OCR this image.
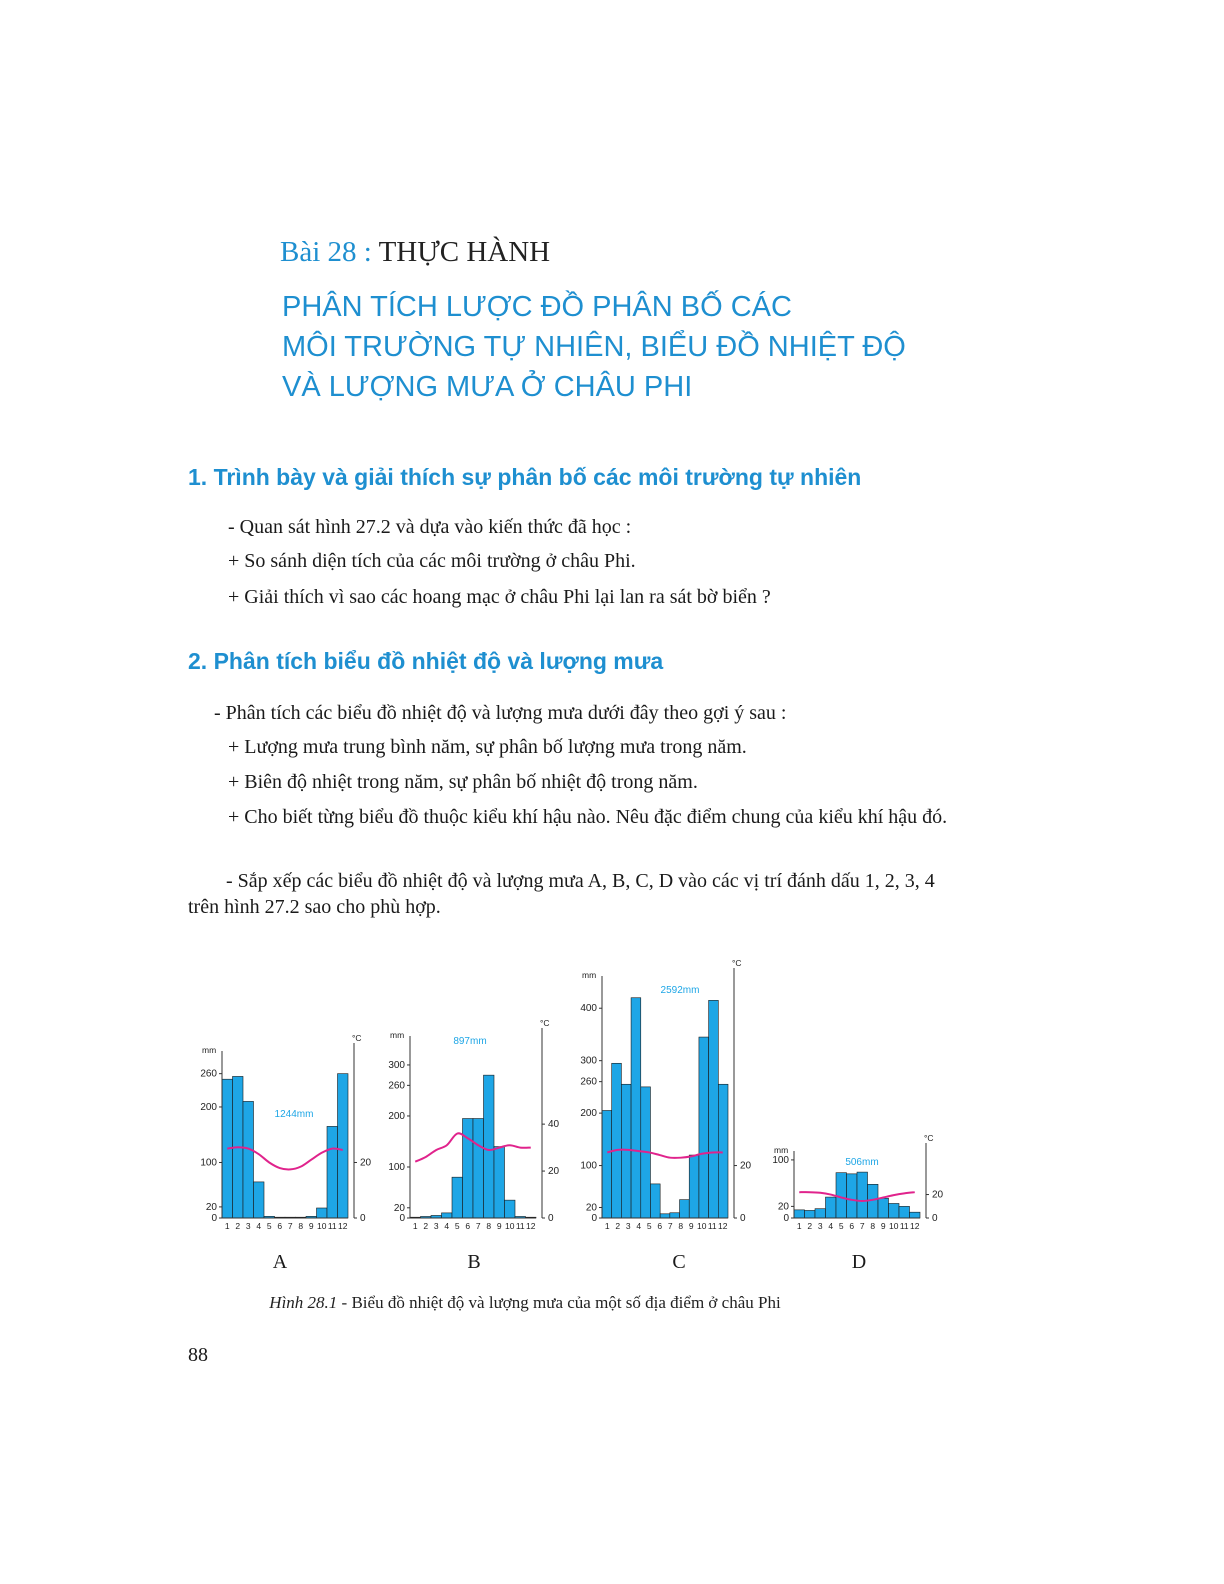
Bài 28 : THỰC HÀNH
PHÂN TÍCH LƯỢC ĐỒ PHÂN BỐ CÁC
MÔI TRƯỜNG TỰ NHIÊN, BIỂU ĐỒ NHIỆT ĐỘ
VÀ LƯỢNG MƯA Ở CHÂU PHI
1. Trình bày và giải thích sự phân bố các môi trường tự nhiên

- Quan sát hình 27.2 và dựa vào kiến thức đã học :

+ So sánh diện tích của các môi trường ở châu Phi.

+ Giải thích vì sao các hoang mạc ở châu Phi lại lan ra sát bờ biển ?

2. Phân tích biểu đồ nhiệt độ và lượng mưa

- Phân tích các biểu đồ nhiệt độ và lượng mưa dưới đây theo gợi ý sau :

+ Lượng mưa trung bình năm, sự phân bố lượng mưa trong năm.

+ Biên độ nhiệt trong năm, sự phân bố nhiệt độ trong năm.

+ Cho biết từng biểu đồ thuộc kiểu khí hậu nào. Nêu đặc điểm chung của kiểu khí hậu đó.

- Sắp xếp các biểu đồ nhiệt độ và lượng mưa A, B, C, D vào các vị trí đánh dấu 1, 2, 3, 4 trên hình 27.2 sao cho phù hợp.

0
20
100
200
260
0
20
mm
°C
1 2 3 4 5 6 7 8 9 10 11 12
1244mm
0
20
100
200
260
300
0
20
40
mm
°C
1 2 3 4 5 6 7 8 9 10 11 12
897mm
0
20
100
200
260
300
400
0
20
mm
°C
1 2 3 4 5 6 7 8 9 10 11 12
2592mm
0
20
100
0
20
mm
°C
1 2 3 4 5 6 7 8 9 10 11 12
506mm
A	B	C	D

Hình 28.1 - Biểu đồ nhiệt độ và lượng mưa của một số địa điểm ở châu Phi

88
